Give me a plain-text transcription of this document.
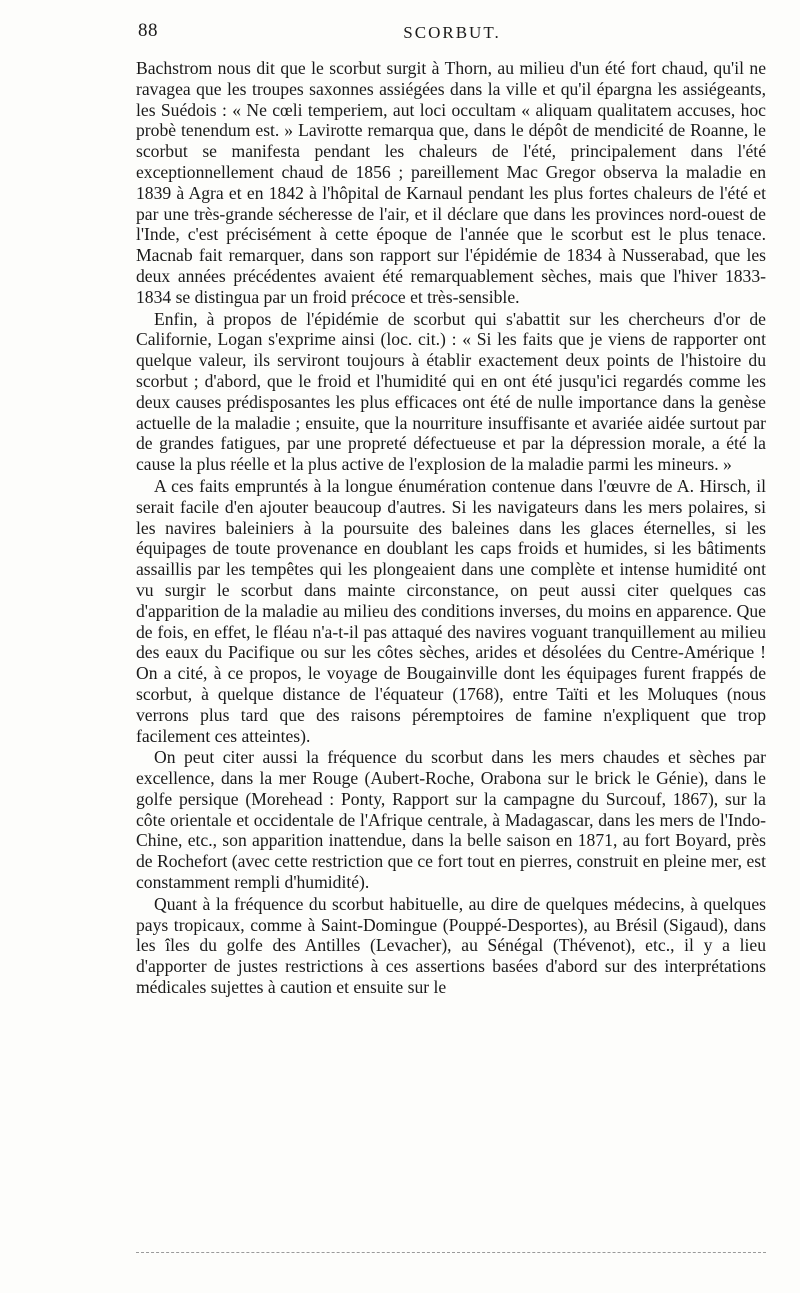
88	SCORBUT.

Bachstrom nous dit que le scorbut surgit à Thorn, au milieu d'un été fort chaud, qu'il ne ravagea que les troupes saxonnes assiégées dans la ville et qu'il épargna les assiégeants, les Suédois : « Ne cœli temperiem, aut loci occultam « aliquam qualitatem accuses, hoc probè tenendum est. » Lavirotte remarqua que, dans le dépôt de mendicité de Roanne, le scorbut se manifesta pendant les chaleurs de l'été, principalement dans l'été exceptionnellement chaud de 1856 ; pareillement Mac Gregor observa la maladie en 1839 à Agra et en 1842 à l'hôpital de Karnaul pendant les plus fortes chaleurs de l'été et par une très-grande sécheresse de l'air, et il déclare que dans les provinces nord-ouest de l'Inde, c'est précisément à cette époque de l'année que le scorbut est le plus tenace. Macnab fait remarquer, dans son rapport sur l'épidémie de 1834 à Nusserabad, que les deux années précédentes avaient été remarquablement sèches, mais que l'hiver 1833-1834 se distingua par un froid précoce et très-sensible.

Enfin, à propos de l'épidémie de scorbut qui s'abattit sur les chercheurs d'or de Californie, Logan s'exprime ainsi (loc. cit.) : « Si les faits que je viens de rapporter ont quelque valeur, ils serviront toujours à établir exactement deux points de l'histoire du scorbut ; d'abord, que le froid et l'humidité qui en ont été jusqu'ici regardés comme les deux causes prédisposantes les plus efficaces ont été de nulle importance dans la genèse actuelle de la maladie ; ensuite, que la nourriture insuffisante et avariée aidée surtout par de grandes fatigues, par une propreté défectueuse et par la dépression morale, a été la cause la plus réelle et la plus active de l'explosion de la maladie parmi les mineurs. »

A ces faits empruntés à la longue énumération contenue dans l'œuvre de A. Hirsch, il serait facile d'en ajouter beaucoup d'autres. Si les navigateurs dans les mers polaires, si les navires baleiniers à la poursuite des baleines dans les glaces éternelles, si les équipages de toute provenance en doublant les caps froids et humides, si les bâtiments assaillis par les tempêtes qui les plongeaient dans une complète et intense humidité ont vu surgir le scorbut dans mainte circonstance, on peut aussi citer quelques cas d'apparition de la maladie au milieu des conditions inverses, du moins en apparence. Que de fois, en effet, le fléau n'a-t-il pas attaqué des navires voguant tranquillement au milieu des eaux du Pacifique ou sur les côtes sèches, arides et désolées du Centre-Amérique ! On a cité, à ce propos, le voyage de Bougainville dont les équipages furent frappés de scorbut, à quelque distance de l'équateur (1768), entre Taïti et les Moluques (nous verrons plus tard que des raisons péremptoires de famine n'expliquent que trop facilement ces atteintes).

On peut citer aussi la fréquence du scorbut dans les mers chaudes et sèches par excellence, dans la mer Rouge (Aubert-Roche, Orabona sur le brick le Génie), dans le golfe persique (Morehead : Ponty, Rapport sur la campagne du Surcouf, 1867), sur la côte orientale et occidentale de l'Afrique centrale, à Madagascar, dans les mers de l'Indo-Chine, etc., son apparition inattendue, dans la belle saison en 1871, au fort Boyard, près de Rochefort (avec cette restriction que ce fort tout en pierres, construit en pleine mer, est constamment rempli d'humidité).

Quant à la fréquence du scorbut habituelle, au dire de quelques médecins, à quelques pays tropicaux, comme à Saint-Domingue (Pouppé-Desportes), au Brésil (Sigaud), dans les îles du golfe des Antilles (Levacher), au Sénégal (Thévenot), etc., il y a lieu d'apporter de justes restrictions à ces assertions basées d'abord sur des interprétations médicales sujettes à caution et ensuite sur le
